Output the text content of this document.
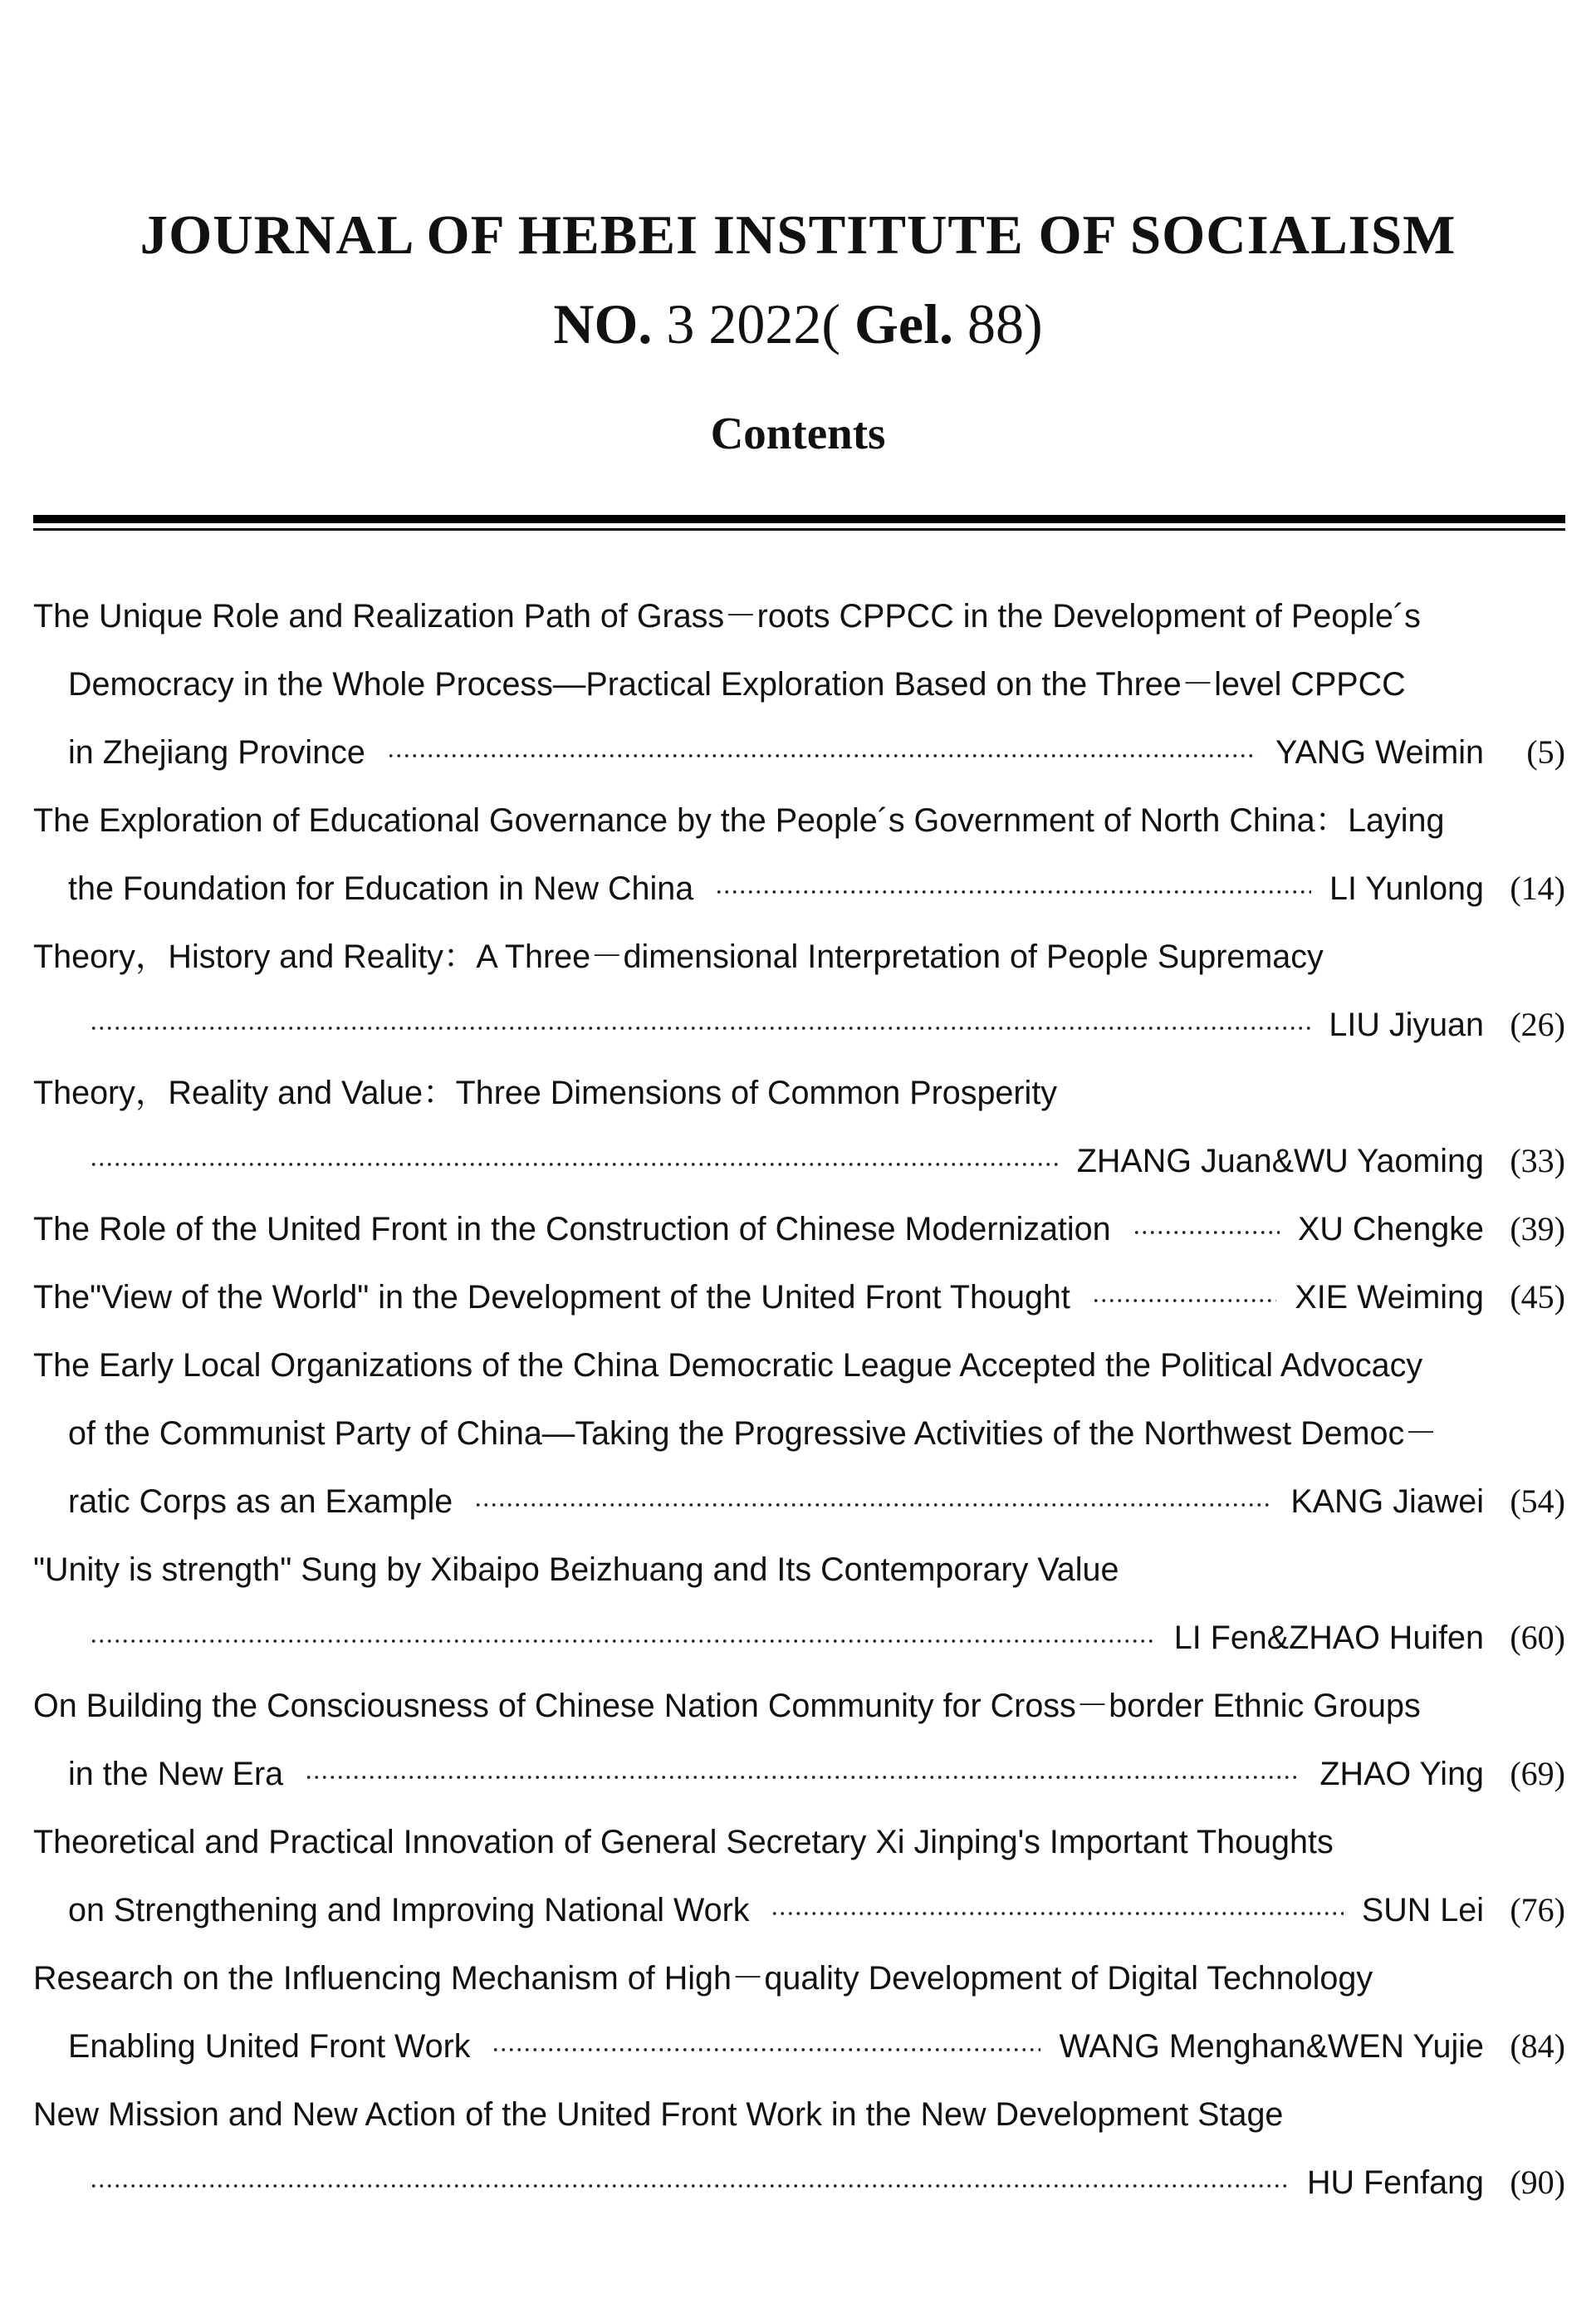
JOURNAL OF HEBEI INSTITUTE OF SOCIALISM
NO. 3 2022( Gel. 88)
Contents
The Unique Role and Realization Path of Grass－roots CPPCC in the Development of People´s
Democracy in the Whole Process—Practical Exploration Based on the Three－level CPPCC
in Zhejiang Province	YANG Weimin	(5)
The Exploration of Educational Governance by the People´s Government of North China：Laying
the Foundation for Education in New China	LI Yunlong (14)
Theory，History and Reality：A Three－dimensional Interpretation of People Supremacy
LIU Jiyuan (26)
Theory，Reality and Value：Three Dimensions of Common Prosperity
ZHANG Juan&WU Yaoming (33)
The Role of the United Front in the Construction of Chinese Modernization	XU Chengke (39)
The"View of the World" in the Development of the United Front Thought	XIE Weiming (45)
The Early Local Organizations of the China Democratic League Accepted the Political Advocacy
of the Communist Party of China—Taking the Progressive Activities of the Northwest Democ－
ratic Corps as an Example	KANG Jiawei (54)
"Unity is strength" Sung by Xibaipo Beizhuang and Its Contemporary Value
LI Fen&ZHAO Huifen (60)
On Building the Consciousness of Chinese Nation Community for Cross－border Ethnic Groups
in the New Era	ZHAO Ying (69)
Theoretical and Practical Innovation of General Secretary Xi Jinping's Important Thoughts
on Strengthening and Improving National Work	SUN Lei (76)
Research on the Influencing Mechanism of High－quality Development of Digital Technology
Enabling United Front Work	WANG Menghan&WEN Yujie (84)
New Mission and New Action of the United Front Work in the New Development Stage
HU Fenfang (90)
